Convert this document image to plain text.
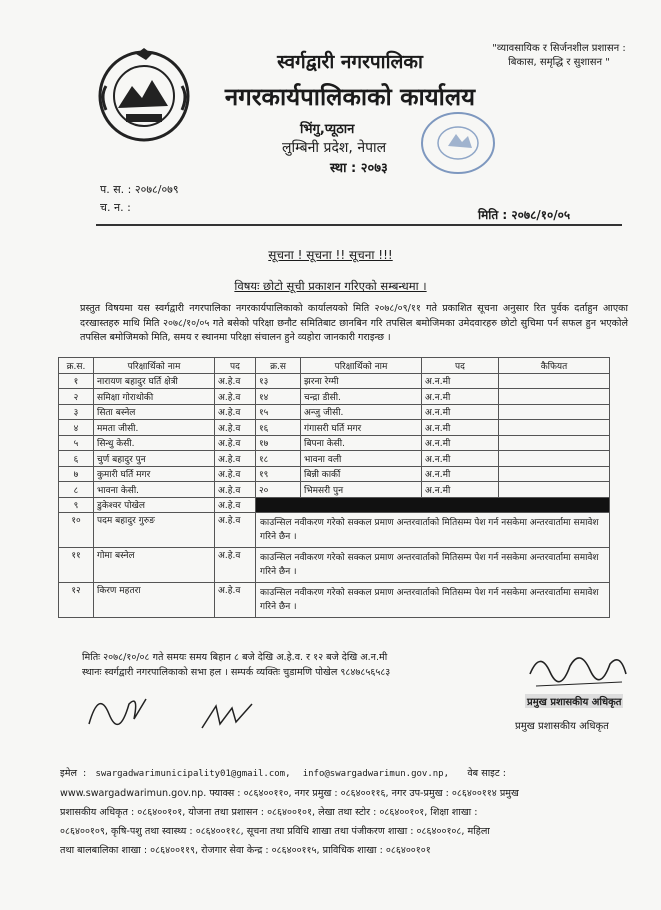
स्वर्गद्वारी नगरपालिका
नगरकार्यपालिकाको कार्यालय
भिंगु,प्यूठान
लुम्बिनी प्रदेश, नेपाल
स्था : २०७३
"व्यावसायिक र सिर्जनशील प्रशासन :
बिकास, समृद्धि र सुशासन "
प. स. : २०७८/०७९
च. न. :
मिति : २०७८/१०/०५
सूचना ! सूचना !! सूचना !!!
विषयः छोटो सूची प्रकाशन गरिएको सम्बन्धमा ।
प्रस्तुत विषयमा यस स्वर्गद्वारी नगरपालिका नगरकार्यपालिकाको कार्यालयको मिति २०७८/०९/११ गते प्रकाशित सूचना अनुसार रित पुर्वक दर्ताहुन आएका दरखास्तहरु माथि मिति २०७८/१०/०५ गते बसेको परिक्षा छनौट समितिबाट छानबिन गरि तपसिल बमोजिमका उमेदवारहरु छोटो सुचिमा पर्न सफल हुन भएकोले तपसिल बमोजिमको मिति, समय र स्थानमा परिक्षा संचालन हुने व्यहोरा जानकारी गराइन्छ ।
क्र.स.	परिक्षार्थिको नाम	पद	क्र.स	परिक्षार्थिको नाम	पद	कैफियत
१	नारायण बहादुर घर्ति क्षेत्री	अ.हे.व	१३	झरना रेग्मी	अ.न.मी	
२	समिक्षा गोराथोकी	अ.हे.व	१४	चन्द्रा डीसी.	अ.न.मी	
३	सिता बस्नेल	अ.हे.व	१५	अन्जु जीसी.	अ.न.मी	
४	ममता जीसी.	अ.हे.व	१६	गंगासरी घर्ति मगर	अ.न.मी	
५	सिन्धु केसी.	अ.हे.व	१७	बिपना केसी.	अ.न.मी	
६	चुर्ण बहादुर पुन	अ.हे.व	१८	भावना वली	अ.न.मी	
७	कुमारी घर्ति मगर	अ.हे.व	१९	बिन्नी कार्की	अ.न.मी	
८	भावना केसी.	अ.हे.व	२०	भिमसरी पुन	अ.न.मी	
९	डुकेश्वर पोखेल	अ.हे.व				
१०	पदम बहादुर गुरुङ	अ.हे.व	काउन्सिल नवीकरण गरेको सक्कल प्रमाण अन्तरवार्ताको मितिसम्म पेश गर्न नसकेमा अन्तरवार्तामा समावेश गरिने छैन ।			
११	गोमा बस्नेल	अ.हे.व	काउन्सिल नवीकरण गरेको सक्कल प्रमाण अन्तरवार्ताको मितिसम्म पेश गर्न नसकेमा अन्तरवार्तामा समावेश गरिने छैन ।			
१२	किरण महतरा	अ.हे.व	काउन्सिल नवीकरण गरेको सक्कल प्रमाण अन्तरवार्ताको मितिसम्म पेश गर्न नसकेमा अन्तरवार्तामा समावेश गरिने छैन ।			
मितिः २०७८/१०/०८ गते समयः समय बिहान ८ बजे देखि अ.हे.व. र १२ बजे देखि अ.न.मी
स्थानः स्वर्गद्वारी नगरपालिकाको सभा हल । सम्पर्क व्यक्तिः चुडामणि पोखेल ९८४७८५६५८३
प्रमुख प्रशासकीय अधिकृत
प्रमुख प्रशासकीय अधिकृत
इमेल  :   swargadwarimunicipality01@gmail.com, info@swargadwarimun.gov.np, वेब साइट :
www.swargadwarimun.gov.np. फ्याक्स : ०८६४००११०, नगर प्रमुख : ०८६४००११६, नगर उप-प्रमुख : ०८६४००११४ प्रमुख
प्रशासकीय अधिकृत : ०८६४००१०१, योजना तथा प्रशासन : ०८६४००१०१, लेखा तथा स्टोर : ०८६४००१०१, शिक्षा शाखा :
०८६४००१०९, कृषि-पशु तथा स्वास्थ्य : ०८६४००११८, सूचना तथा प्रविधि शाखा तथा पंजीकरण शाखा : ०८६४००१०८, महिला
तथा बालबालिका शाखा : ०८६४००११९, रोजगार सेवा केन्द्र : ०८६४००११५, प्राविधिक शाखा : ०८६४००१०१
